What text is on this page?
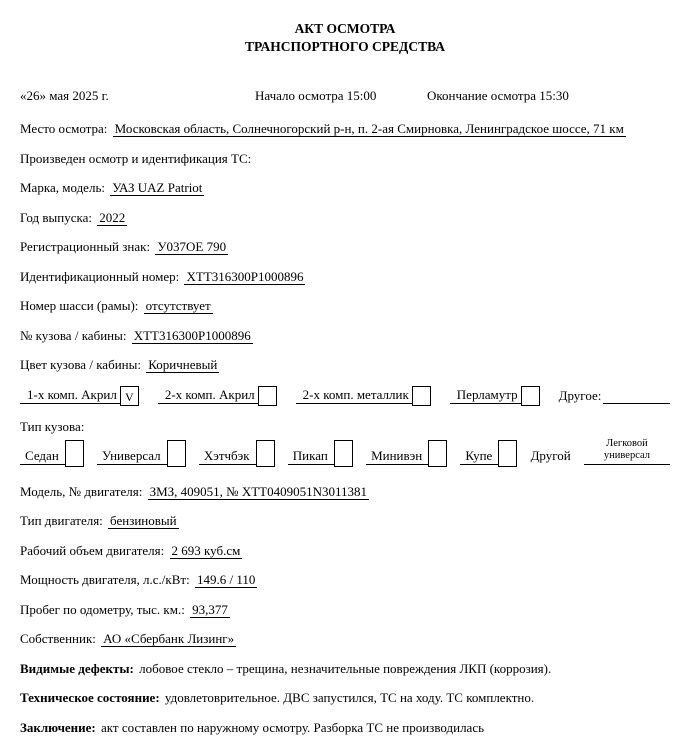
АКТ ОСМОТРА
ТРАНСПОРТНОГО СРЕДСТВА
«26» мая 2025 г.	Начало осмотра 15:00	Окончание осмотра 15:30
Место осмотра: Московская область, Солнечногорский р-н, п. 2-ая Смирновка, Ленинградское шоссе, 71 км
Произведен осмотр и идентификация ТС:
Марка, модель: УАЗ UAZ Patriot
Год выпуска: 2022
Регистрационный знак: У037ОЕ 790
Идентификационный номер: XTT316300P1000896
Номер шасси (рамы): отсутствует
№ кузова / кабины: XTT316300P1000896
Цвет кузова / кабины: Коричневый
1-х комп. Акрил V	2-х комп. Акрил	2-х комп. металлик	Перламутр	Другое:
Тип кузова:
Седан	Универсал	Хэтчбэк	Пикап	Минивэн	Купе	Другой
Легковой универсал
Модель, № двигателя: ЗМЗ, 409051, № XTT0409051N3011381
Тип двигателя: бензиновый
Рабочий объем двигателя: 2 693 куб.см
Мощность двигателя, л.с./кВт: 149.6 / 110
Пробег по одометру, тыс. км.: 93,377
Собственник: АО «Сбербанк Лизинг»
Видимые дефекты: лобовое стекло – трещина, незначительные повреждения ЛКП (коррозия).
Техническое состояние: удовлетоврительное. ДВС запустился, ТС на ходу. ТС комплектно.
Заключение: акт составлен по наружному осмотру. Разборка ТС не производилась
